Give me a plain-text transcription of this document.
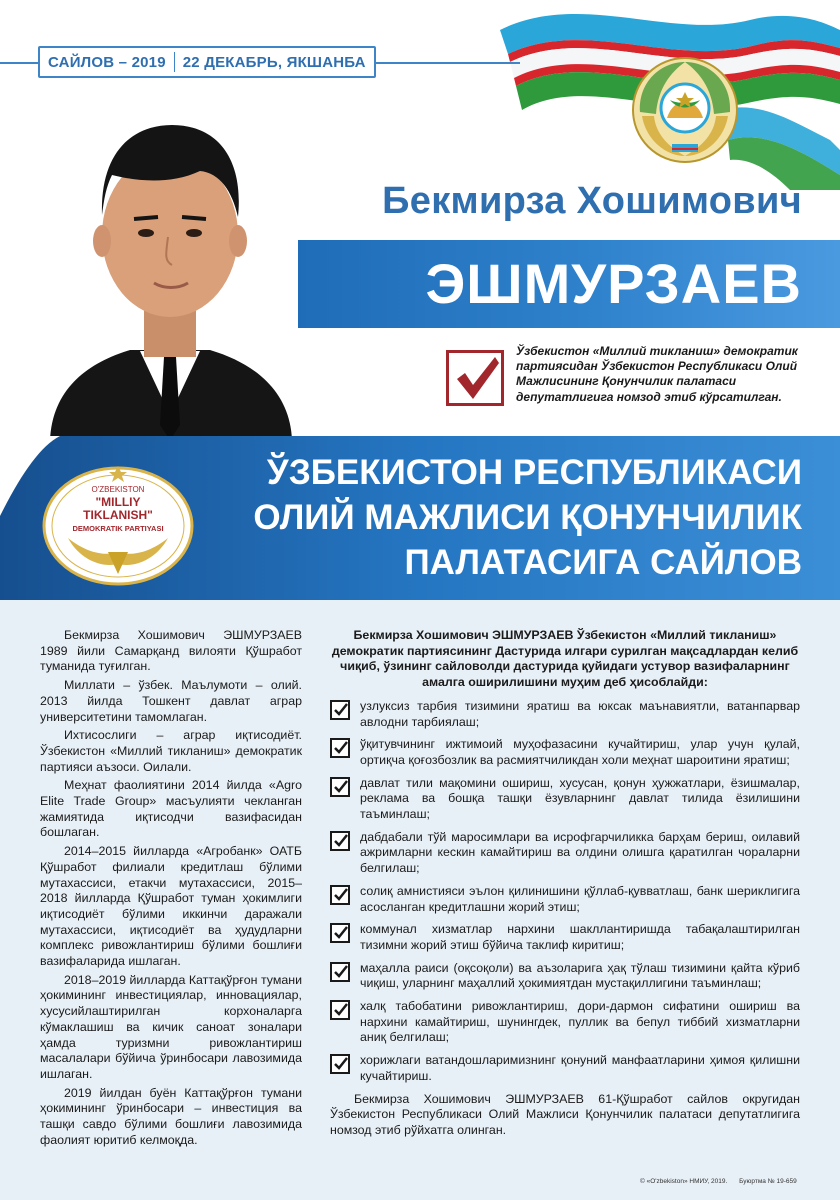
САЙЛОВ – 2019 22 ДЕКАБРЬ, ЯКШАНБА
Бекмирза Хошимович
ЭШМУРЗАЕВ
Ўзбекистон «Миллий тикланиш» демократик партиясидан Ўзбекистон Республикаси Олий Мажлисининг Қонунчилик палатаси депутатлигига номзод этиб кўрсатилган.
ЎЗБЕКИСТОН РЕСПУБЛИКАСИ
ОЛИЙ МАЖЛИСИ ҚОНУНЧИЛИК
ПАЛАТАСИГА САЙЛОВ
O'ZBEKISTON
"MILLIY
TIKLANISH"
DEMOKRATIK PARTIYASI

Бекмирза Хошимович ЭШМУРЗАЕВ 1989 йили Самарқанд вилояти Қўшработ туманида туғилган.

Миллати – ўзбек. Маълумоти – олий. 2013 йилда Тошкент давлат аграр университетини тамомлаган.

Ихтисослиги – аграр иқтисодиёт. Ўзбекистон «Миллий тикланиш» демократик партияси аъзоси. Оилали.

Меҳнат фаолиятини 2014 йилда «Agro Elite Trade Group» масъулияти чекланган жамиятида иқтисодчи вазифасидан бошлаган.

2014–2015 йилларда «Агробанк» ОАТБ Қўшработ филиали кредитлаш бўлими мутахассиси, етакчи мутахассиси, 2015–2018 йилларда Қўшработ туман ҳокимлиги иқтисодиёт бўлими иккинчи даражали мутахассиси, иқтисодиёт ва ҳудудларни комплекс ривожлантириш бўлими бошлиғи вазифаларида ишлаган.

2018–2019 йилларда Каттақўрғон тумани ҳокимининг инвестициялар, инновациялар, хусусийлаштирилган корхоналарга кўмаклашиш ва кичик саноат зоналари ҳамда туризмни ривожлантириш масалалари бўйича ўринбосари лавозимида ишлаган.

2019 йилдан буён Каттақўрғон тумани ҳокимининг ўринбосари – инвестиция ва ташқи савдо бўлими бошлиғи лавозимида фаолият юритиб келмоқда.

Бекмирза Хошимович ЭШМУРЗАЕВ Ўзбекистон «Миллий тикланиш» демократик партиясининг Дастурида илгари сурилган мақсадлардан келиб чиқиб, ўзининг сайловолди дастурида қуйидаги устувор вазифаларнинг амалга оширилишини муҳим деб ҳисоблайди:

узлуксиз тарбия тизимини яратиш ва юксак маънавиятли, ватанпарвар авлодни тарбиялаш;
ўқитувчининг ижтимоий муҳофазасини кучайтириш, улар учун қулай, ортиқча қоғозбозлик ва расмиятчиликдан холи меҳнат шароитини яратиш;
давлат тили мақомини ошириш, хусусан, қонун ҳужжатлари, ёзишмалар, реклама ва бошқа ташқи ёзувларнинг давлат тилида ёзилишини таъминлаш;
дабдабали тўй маросимлари ва исрофгарчиликка барҳам бериш, оилавий ажримларни кескин камайтириш ва олдини олишга қаратилган чораларни белгилаш;
солиқ амнистияси эълон қилинишини қўллаб-қувватлаш, банк шериклигига асосланган кредитлашни жорий этиш;
коммунал хизматлар нархини шакллантиришда табақалаштирилган тизимни жорий этиш бўйича таклиф киритиш;
маҳалла раиси (оқсоқоли) ва аъзоларига ҳақ тўлаш тизимини қайта кўриб чиқиш, уларнинг маҳаллий ҳокимиятдан мустақиллигини таъминлаш;
халқ табобатини ривожлантириш, дори-дармон сифатини ошириш ва нархини камайтириш, шунингдек, пуллик ва бепул тиббий хизматларни аниқ белгилаш;
хорижлаги ватандошларимизнинг қонуний манфаатларини ҳимоя қилишни кучайтириш.

Бекмирза Хошимович ЭШМУРЗАЕВ 61-Қўшработ сайлов округидан Ўзбекистон Республикаси Олий Мажлиси Қонунчилик палатаси депутатлигига номзод этиб рўйхатга олинган.

© «O'zbekiston» НМИУ, 2019. Буюртма № 19-659
